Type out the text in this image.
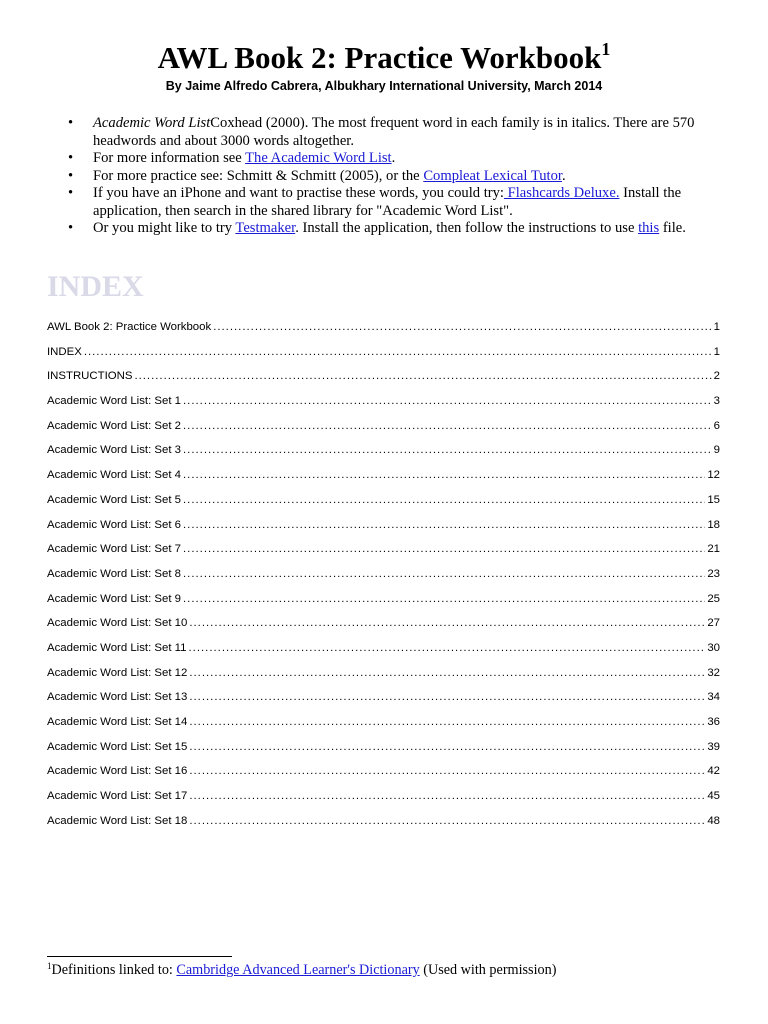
AWL Book 2: Practice Workbook$^1$
By Jaime Alfredo Cabrera, Albukhary International University, March 2014
• Academic Word ListCoxhead (2000). The most frequent word in each family is in italics. There are 570 headwords and about 3000 words altogether.
• For more information see The Academic Word List.
• For more practice see: Schmitt & Schmitt (2005), or the Compleat Lexical Tutor.
• If you have an iPhone and want to practise these words, you could try: Flashcards Deluxe. Install the application, then search in the shared library for "Academic Word List".
• Or you might like to try Testmaker. Install the application, then follow the instructions to use this file.
INDEX
AWL Book 2: Practice Workbook .....	1
INDEX .....	1
INSTRUCTIONS .....	2
Academic Word List: Set 1 .....	3
Academic Word List: Set 2 .....	6
Academic Word List: Set 3 .....	9
Academic Word List: Set 4 .....	12
Academic Word List: Set 5 .....	15
Academic Word List: Set 6 .....	18
Academic Word List: Set 7 .....	21
Academic Word List: Set 8 .....	23
Academic Word List: Set 9 .....	25
Academic Word List: Set 10 .....	27
Academic Word List: Set 11 .....	30
Academic Word List: Set 12 .....	32
Academic Word List: Set 13 .....	34
Academic Word List: Set 14 .....	36
Academic Word List: Set 15 .....	39
Academic Word List: Set 16 .....	42
Academic Word List: Set 17 .....	45
Academic Word List: Set 18 .....	48
$^1$Definitions linked to: Cambridge Advanced Learner's Dictionary (Used with permission)
